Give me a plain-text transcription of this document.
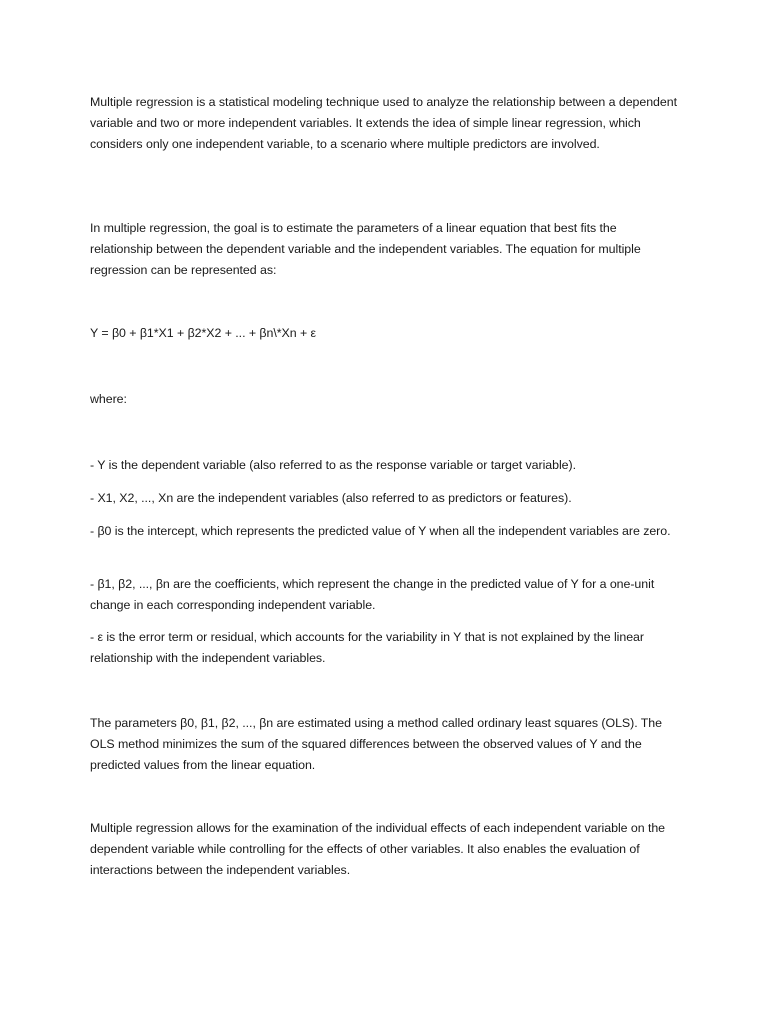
Multiple regression is a statistical modeling technique used to analyze the relationship between a dependent variable and two or more independent variables. It extends the idea of simple linear regression, which considers only one independent variable, to a scenario where multiple predictors are involved.

In multiple regression, the goal is to estimate the parameters of a linear equation that best fits the relationship between the dependent variable and the independent variables. The equation for multiple regression can be represented as:

Y = β0 + β1*X1 + β2*X2 + ... + βn\*Xn + ε

where:

- Y is the dependent variable (also referred to as the response variable or target variable).

- X1, X2, ..., Xn are the independent variables (also referred to as predictors or features).

- β0 is the intercept, which represents the predicted value of Y when all the independent variables are zero.

- β1, β2, ..., βn are the coefficients, which represent the change in the predicted value of Y for a one-unit change in each corresponding independent variable.

- ε is the error term or residual, which accounts for the variability in Y that is not explained by the linear relationship with the independent variables.

The parameters β0, β1, β2, ..., βn are estimated using a method called ordinary least squares (OLS). The OLS method minimizes the sum of the squared differences between the observed values of Y and the predicted values from the linear equation.

Multiple regression allows for the examination of the individual effects of each independent variable on the dependent variable while controlling for the effects of other variables. It also enables the evaluation of interactions between the independent variables.
